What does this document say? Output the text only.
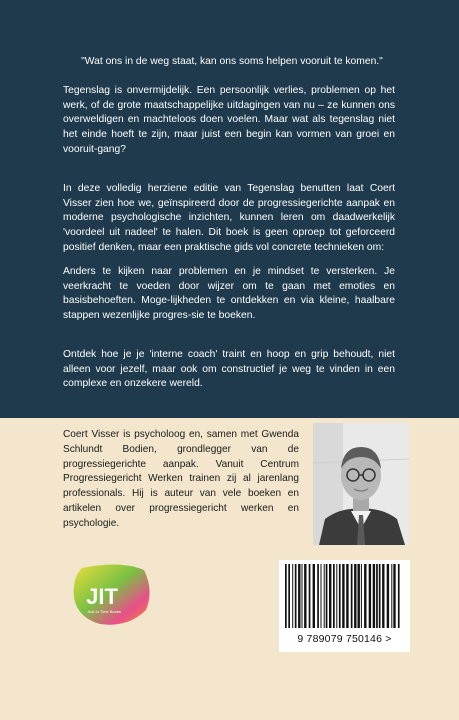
"Wat ons in de weg staat, kan ons soms helpen vooruit te komen."

Tegenslag is onvermijdelijk. Een persoonlijk verlies, problemen op het werk, of de grote maatschappelijke uitdagingen van nu – ze kunnen ons overweldigen en machteloos doen voelen. Maar wat als tegenslag niet het einde hoeft te zijn, maar juist een begin kan vormen van groei en vooruit-gang?

In deze volledig herziene editie van Tegenslag benutten laat Coert Visser zien hoe we, geïnspireerd door de progressiegerichte aanpak en moderne psychologische inzichten, kunnen leren om daadwerkelijk 'voordeel uit nadeel' te halen. Dit boek is geen oproep tot geforceerd positief denken, maar een praktische gids vol concrete technieken om:

Anders te kijken naar problemen en je mindset te versterken. Je veerkracht te voeden door wijzer om te gaan met emoties en basisbehoeften. Moge-lijkheden te ontdekken en via kleine, haalbare stappen wezenlijke progres-sie te boeken.

Ontdek hoe je je 'interne coach' traint en hoop en grip behoudt, niet alleen voor jezelf, maar ook om constructief je weg te vinden in een complexe en onzekere wereld.

Coert Visser is psycholoog en, samen met Gwenda Schlundt Bodien, grondlegger van de progressiegerichte aanpak. Vanuit Centrum Progressiegericht Werken trainen zij al jarenlang professionals. Hij is auteur van vele boeken en artikelen over progressiegericht werken en psychologie.

JIT
Just In Time Books
9 789079 750146 >
